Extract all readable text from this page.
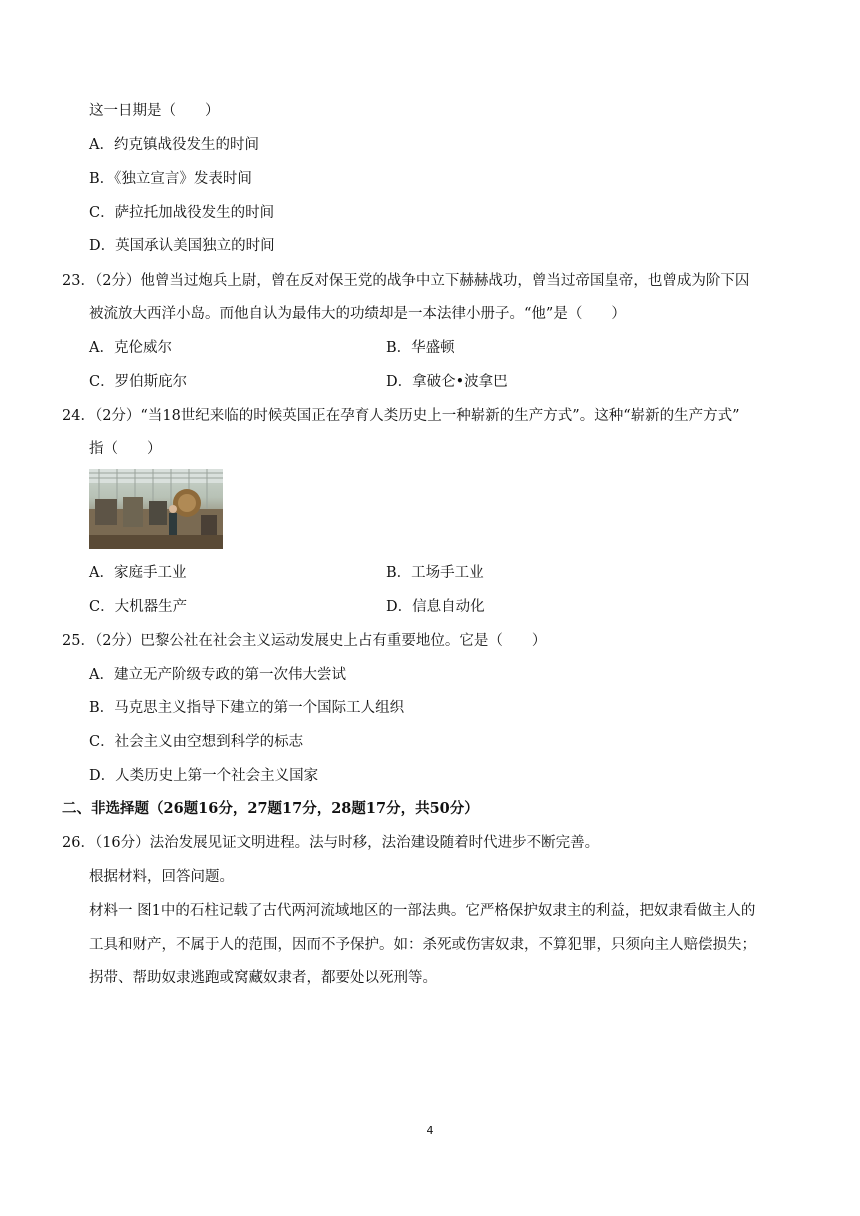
这一日期是（　　）
A．约克镇战役发生的时间
B．《独立宣言》发表时间
C．萨拉托加战役发生的时间
D．英国承认美国独立的时间
23．（2分）他曾当过炮兵上尉，曾在反对保王党的战争中立下赫赫战功，曾当过帝国皇帝，也曾成为阶下囚
被流放大西洋小岛。而他自认为最伟大的功绩却是一本法律小册子。“他”是（　　）
A．克伦威尔	B．华盛顿
C．罗伯斯庇尔	D．拿破仑•波拿巴
24．（2分）“当18世纪来临的时候英国正在孕育人类历史上一种崭新的生产方式”。这种“崭新的生产方式”
指（　　）
A．家庭手工业	B．工场手工业
C．大机器生产	D．信息自动化
25．（2分）巴黎公社在社会主义运动发展史上占有重要地位。它是（　　）
A．建立无产阶级专政的第一次伟大尝试
B．马克思主义指导下建立的第一个国际工人组织
C．社会主义由空想到科学的标志
D．人类历史上第一个社会主义国家
二、非选择题（26题16分，27题17分，28题17分，共50分）
26．（16分）法治发展见证文明进程。法与时移，法治建设随着时代进步不断完善。
根据材料，回答问题。
材料一 图1中的石柱记载了古代两河流域地区的一部法典。它严格保护奴隶主的利益，把奴隶看做主人的
工具和财产，不属于人的范围，因而不予保护。如：杀死或伤害奴隶，不算犯罪，只须向主人赔偿损失；
拐带、帮助奴隶逃跑或窝藏奴隶者，都要处以死刑等。
4
